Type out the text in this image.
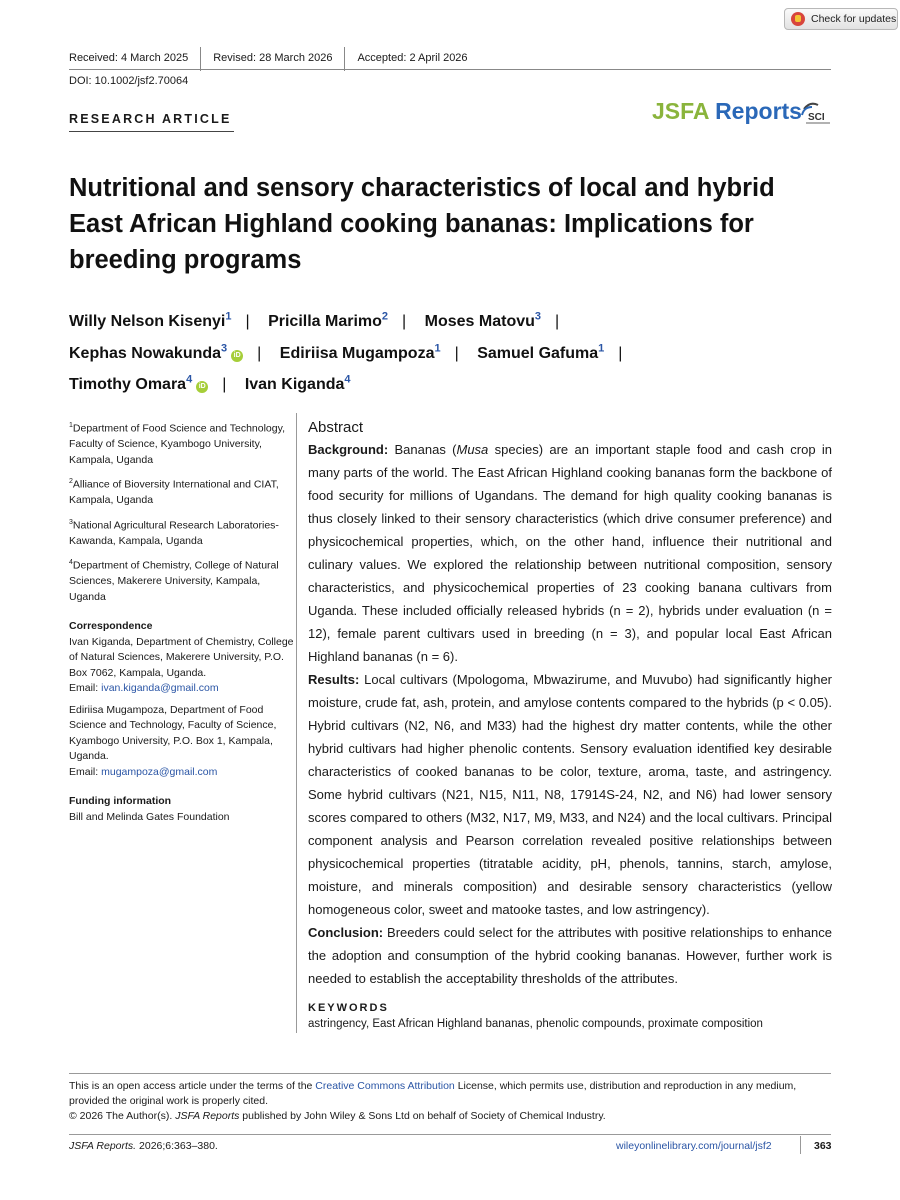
Check for updates
Received: 4 March 2025	Revised: 28 March 2026	Accepted: 2 April 2026
DOI: 10.1002/jsf2.70064
RESEARCH ARTICLE	JSFA Reports SCI
Nutritional and sensory characteristics of local and hybrid East African Highland cooking bananas: Implications for breeding programs
Willy Nelson Kisenyi$^1$ | Pricilla Marimo$^2$ | Moses Matovu$^3$ |
Kephas Nowakunda$^3$iD | Ediriisa Mugampoza$^1$ | Samuel Gafuma$^1$ |
Timothy Omara$^4$iD | Ivan Kiganda$^4$

$^1$Department of Food Science and Technology, Faculty of Science, Kyambogo University, Kampala, Uganda

$^2$Alliance of Bioversity International and CIAT, Kampala, Uganda

$^3$National Agricultural Research Laboratories-Kawanda, Kampala, Uganda

$^4$Department of Chemistry, College of Natural Sciences, Makerere University, Kampala, Uganda

Correspondence

Ivan Kiganda, Department of Chemistry, College of Natural Sciences, Makerere University, P.O. Box 7062, Kampala, Uganda.
Email: ivan.kiganda@gmail.com

Ediriisa Mugampoza, Department of Food Science and Technology, Faculty of Science, Kyambogo University, P.O. Box 1, Kampala, Uganda.
Email: mugampoza@gmail.com

Funding information

Bill and Melinda Gates Foundation

Abstract

Background: Bananas (Musa species) are an important staple food and cash crop in many parts of the world. The East African Highland cooking bananas form the backbone of food security for millions of Ugandans. The demand for high quality cooking bananas is thus closely linked to their sensory characteristics (which drive consumer preference) and physicochemical properties, which, on the other hand, influence their nutritional and culinary values. We explored the relationship between nutritional composition, sensory characteristics, and physicochemical properties of 23 cooking banana cultivars from Uganda. These included officially released hybrids (n = 2), hybrids under evaluation (n = 12), female parent cultivars used in breeding (n = 3), and popular local East African Highland bananas (n = 6).

Results: Local cultivars (Mpologoma, Mbwazirume, and Muvubo) had significantly higher moisture, crude fat, ash, protein, and amylose contents compared to the hybrids (p < 0.05). Hybrid cultivars (N2, N6, and M33) had the highest dry matter contents, while the other hybrid cultivars had higher phenolic contents. Sensory evaluation identified key desirable characteristics of cooked bananas to be color, texture, aroma, taste, and astringency. Some hybrid cultivars (N21, N15, N11, N8, 17914S-24, N2, and N6) had lower sensory scores compared to others (M32, N17, M9, M33, and N24) and the local cultivars. Principal component analysis and Pearson correlation revealed positive relationships between physicochemical properties (titratable acidity, pH, phenols, tannins, starch, amylose, moisture, and minerals composition) and desirable sensory characteristics (yellow homogeneous color, sweet and matooke tastes, and low astringency).

Conclusion: Breeders could select for the attributes with positive relationships to enhance the adoption and consumption of the hybrid cooking bananas. However, further work is needed to establish the acceptability thresholds of the attributes.

KEYWORDS
astringency, East African Highland bananas, phenolic compounds, proximate composition

This is an open access article under the terms of the Creative Commons Attribution License, which permits use, distribution and reproduction in any medium, provided the original work is properly cited.

© 2026 The Author(s). JSFA Reports published by John Wiley & Sons Ltd on behalf of Society of Chemical Industry.

JSFA Reports. 2026;6:363–380.	wileyonlinelibrary.com/journal/jsf2	363
